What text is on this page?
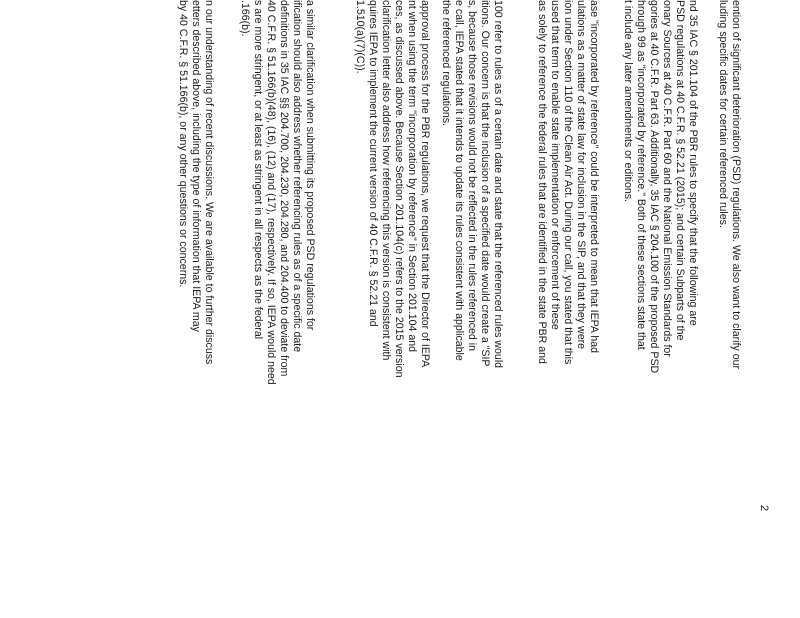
ention of significant deterioration (PSD) regulations. We also want to clarify our
luding specific dates for certain referenced rules.
nd 35 IAC § 201.104 of the PBR rules to specify that the following are
PSD regulations at 40 C.F.R. § 52.21 (2015); and certain Subparts of the
onary Sources at 40 C.F.R. Part 60 and the National Emission Standards for
gories at 40 C.F.R. Part 63. Additionally, 35 IAC § 204.100 of the proposed PSD
hrough 99 as "incorporated by reference." Both of these sections state that
t include any later amendments or editions.
ase "incorporated by reference" could be interpreted to mean that IEPA had
ulations as a matter of state law for inclusion in the SIP, and that they were
ion under Section 110 of the Clean Air Act. During our call, you stated that this
used that term to enable state implementation or enforcement of these
as solely to reference the federal rules that are identified in the state PBR and
100 refer to rules as of a certain date and state that the referenced rules would
itions. Our concern is that the inclusion of a specified date would create a "SIP
s, because those revisions would not be reflected in the rules referenced in
e call, IEPA stated that it intends to update its rules consistent with applicable
the referenced regulations.
approval process for the PBR regulations, we request that the Director of IEPA
nt when using the term "incorporation by reference" in Section 201.104 and
ces, as discussed above. Because Section 201.104(c) refers to the 2015 version
clarification letter also address how referencing this version is consistent with
quires IEPA to implement the current version of 40 C.F.R. § 52.21 and
1.510(a)(7)(C)).
a similar clarification when submitting its proposed PSD regulations for
ification should also address whether referencing rules as of a specific date
definitions in 35 IAC §§ 204.700, 204.230, 204.280, and 204.400 to deviate from
40 C.F.R. § 51.166(b)(48), (16), (12) and (17), respectively. If so, IEPA would need
s are more stringent, or at least as stringent in all respects as the federal
.166(b).
n our understanding of recent discussions. We are available to further discuss
etters described above, including the type of information that IEPA may
by 40 C.F.R. § 51.166(b), or any other questions or concerns.
2
